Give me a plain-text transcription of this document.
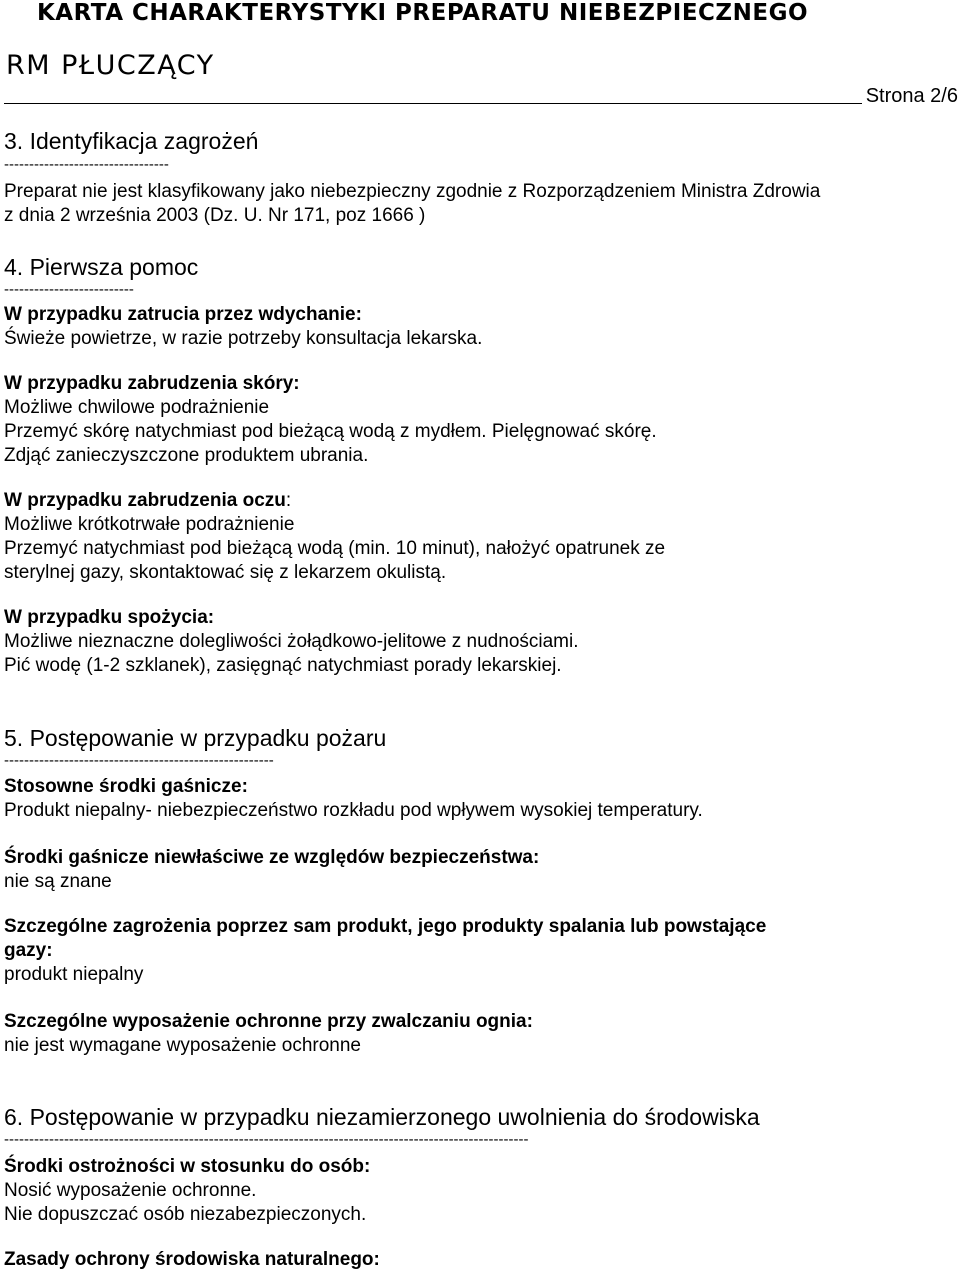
KARTA CHARAKTERYSTYKI PREPARATU NIEBEZPIECZNEGO
RM PŁUCZĄCY
Strona 2/6
3. Identyfikacja zagrożeń
---------------------------------
Preparat nie jest klasyfikowany jako niebezpieczny zgodnie z Rozporządzeniem Ministra Zdrowia
z dnia 2 września 2003 (Dz. U. Nr 171, poz 1666 )
4. Pierwsza pomoc
--------------------------
W przypadku zatrucia przez wdychanie:
Świeże powietrze, w razie potrzeby konsultacja lekarska.
W przypadku zabrudzenia skóry:
Możliwe chwilowe podrażnienie
Przemyć skórę natychmiast pod bieżącą wodą z mydłem. Pielęgnować skórę.
Zdjąć zanieczyszczone produktem ubrania.
W przypadku zabrudzenia oczu:
Możliwe krótkotrwałe podrażnienie
Przemyć natychmiast pod bieżącą wodą (min. 10 minut), nałożyć opatrunek ze
sterylnej gazy, skontaktować się z lekarzem okulistą.
W przypadku spożycia:
Możliwe nieznaczne dolegliwości żołądkowo-jelitowe z nudnościami.
Pić wodę (1-2 szklanek), zasięgnąć natychmiast porady lekarskiej.
5. Postępowanie w przypadku pożaru
------------------------------------------------------
Stosowne środki gaśnicze:
Produkt niepalny- niebezpieczeństwo rozkładu pod wpływem wysokiej temperatury.
Środki gaśnicze niewłaściwe ze względów bezpieczeństwa:
nie są znane
Szczególne zagrożenia poprzez sam produkt, jego produkty spalania lub powstające
gazy:
produkt niepalny
Szczególne wyposażenie ochronne przy zwalczaniu ognia:
nie jest wymagane wyposażenie ochronne
6. Postępowanie w przypadku niezamierzonego uwolnienia do środowiska
---------------------------------------------------------------------------------------------------------
Środki ostrożności w stosunku do osób:
Nosić wyposażenie ochronne.
Nie dopuszczać osób niezabezpieczonych.
Zasady ochrony środowiska naturalnego:
